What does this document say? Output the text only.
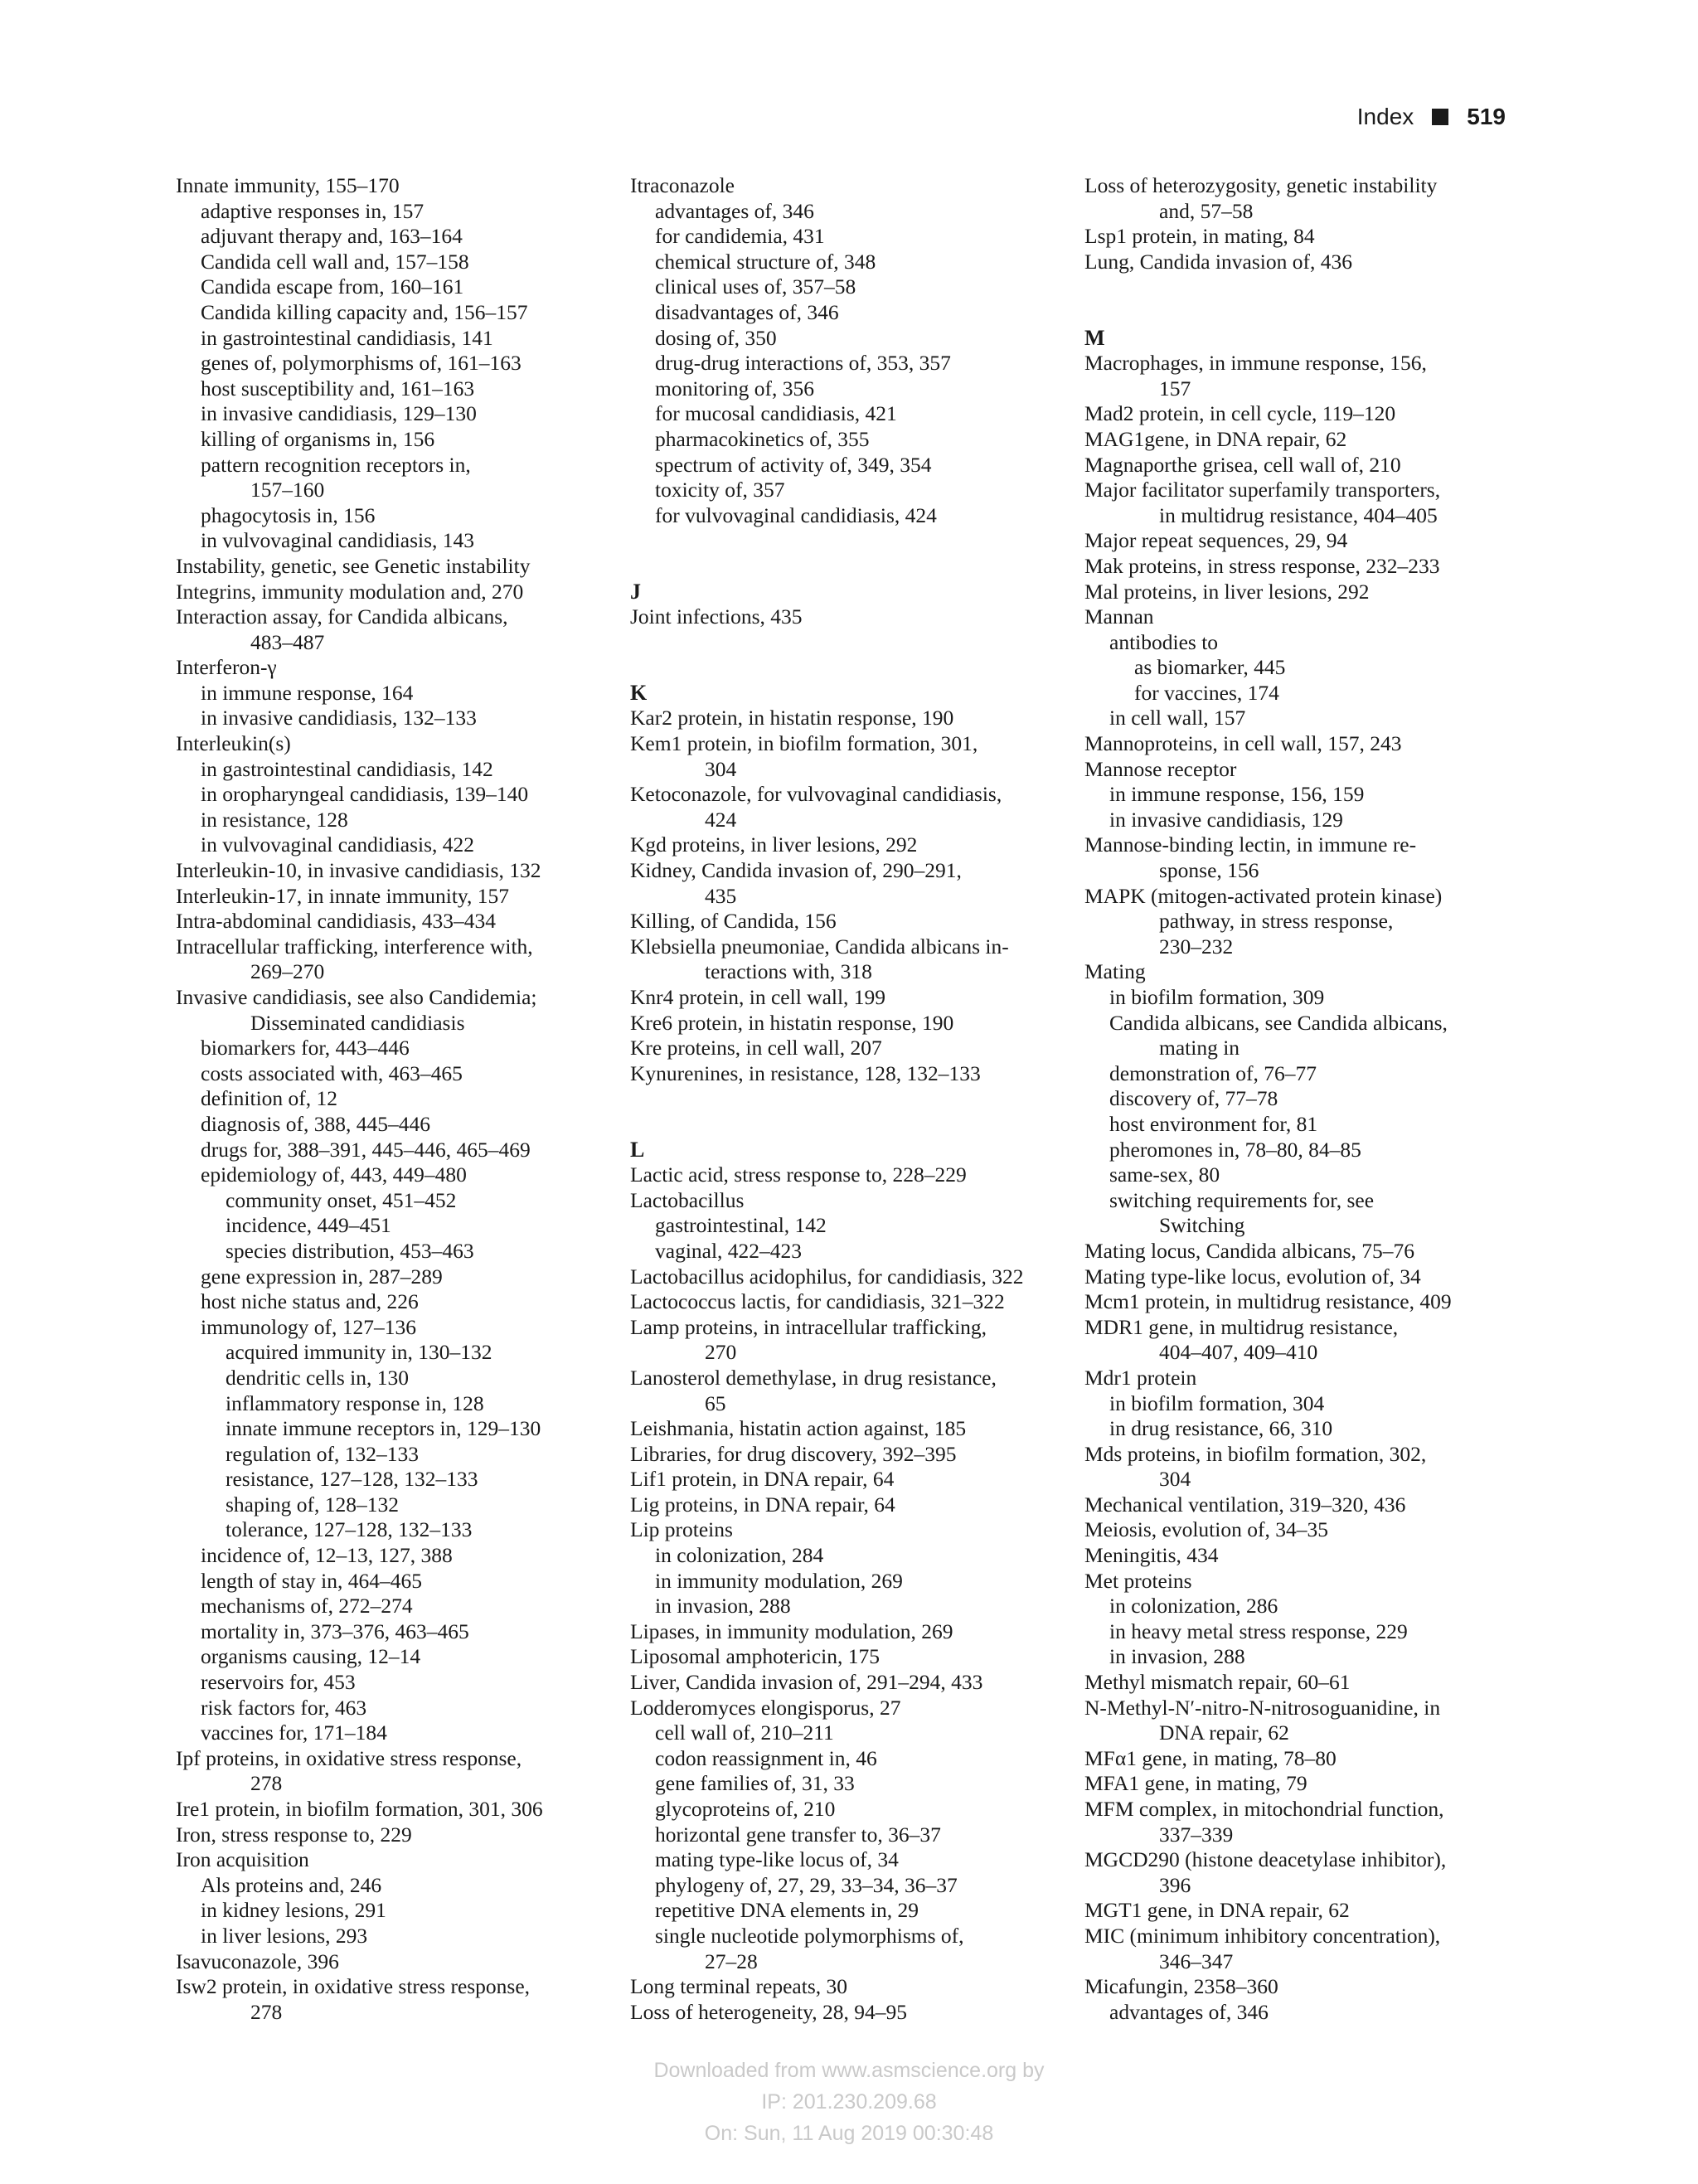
Index 519
Innate immunity, 155–170
adaptive responses in, 157
adjuvant therapy and, 163–164
Candida cell wall and, 157–158
Candida escape from, 160–161
Candida killing capacity and, 156–157
in gastrointestinal candidiasis, 141
genes of, polymorphisms of, 161–163
host susceptibility and, 161–163
in invasive candidiasis, 129–130
killing of organisms in, 156
pattern recognition receptors in,
157–160
phagocytosis in, 156
in vulvovaginal candidiasis, 143
Instability, genetic, see Genetic instability
Integrins, immunity modulation and, 270
Interaction assay, for Candida albicans,
483–487
Interferon-γ
in immune response, 164
in invasive candidiasis, 132–133
Interleukin(s)
in gastrointestinal candidiasis, 142
in oropharyngeal candidiasis, 139–140
in resistance, 128
in vulvovaginal candidiasis, 422
Interleukin-10, in invasive candidiasis, 132
Interleukin-17, in innate immunity, 157
Intra-abdominal candidiasis, 433–434
Intracellular trafficking, interference with,
269–270
Invasive candidiasis, see also Candidemia;
Disseminated candidiasis
biomarkers for, 443–446
costs associated with, 463–465
definition of, 12
diagnosis of, 388, 445–446
drugs for, 388–391, 445–446, 465–469
epidemiology of, 443, 449–480
community onset, 451–452
incidence, 449–451
species distribution, 453–463
gene expression in, 287–289
host niche status and, 226
immunology of, 127–136
acquired immunity in, 130–132
dendritic cells in, 130
inflammatory response in, 128
innate immune receptors in, 129–130
regulation of, 132–133
resistance, 127–128, 132–133
shaping of, 128–132
tolerance, 127–128, 132–133
incidence of, 12–13, 127, 388
length of stay in, 464–465
mechanisms of, 272–274
mortality in, 373–376, 463–465
organisms causing, 12–14
reservoirs for, 453
risk factors for, 463
vaccines for, 171–184
Ipf proteins, in oxidative stress response,
278
Ire1 protein, in biofilm formation, 301, 306
Iron, stress response to, 229
Iron acquisition
Als proteins and, 246
in kidney lesions, 291
in liver lesions, 293
Isavuconazole, 396
Isw2 protein, in oxidative stress response,
278
Itraconazole
advantages of, 346
for candidemia, 431
chemical structure of, 348
clinical uses of, 357–58
disadvantages of, 346
dosing of, 350
drug-drug interactions of, 353, 357
monitoring of, 356
for mucosal candidiasis, 421
pharmacokinetics of, 355
spectrum of activity of, 349, 354
toxicity of, 357
for vulvovaginal candidiasis, 424
J
Joint infections, 435
K
Kar2 protein, in histatin response, 190
Kem1 protein, in biofilm formation, 301,
304
Ketoconazole, for vulvovaginal candidiasis,
424
Kgd proteins, in liver lesions, 292
Kidney, Candida invasion of, 290–291,
435
Killing, of Candida, 156
Klebsiella pneumoniae, Candida albicans in-
teractions with, 318
Knr4 protein, in cell wall, 199
Kre6 protein, in histatin response, 190
Kre proteins, in cell wall, 207
Kynurenines, in resistance, 128, 132–133
L
Lactic acid, stress response to, 228–229
Lactobacillus
gastrointestinal, 142
vaginal, 422–423
Lactobacillus acidophilus, for candidiasis, 322
Lactococcus lactis, for candidiasis, 321–322
Lamp proteins, in intracellular trafficking,
270
Lanosterol demethylase, in drug resistance,
65
Leishmania, histatin action against, 185
Libraries, for drug discovery, 392–395
Lif1 protein, in DNA repair, 64
Lig proteins, in DNA repair, 64
Lip proteins
in colonization, 284
in immunity modulation, 269
in invasion, 288
Lipases, in immunity modulation, 269
Liposomal amphotericin, 175
Liver, Candida invasion of, 291–294, 433
Lodderomyces elongisporus, 27
cell wall of, 210–211
codon reassignment in, 46
gene families of, 31, 33
glycoproteins of, 210
horizontal gene transfer to, 36–37
mating type-like locus of, 34
phylogeny of, 27, 29, 33–34, 36–37
repetitive DNA elements in, 29
single nucleotide polymorphisms of,
27–28
Long terminal repeats, 30
Loss of heterogeneity, 28, 94–95
Loss of heterozygosity, genetic instability
and, 57–58
Lsp1 protein, in mating, 84
Lung, Candida invasion of, 436
M
Macrophages, in immune response, 156,
157
Mad2 protein, in cell cycle, 119–120
MAG1gene, in DNA repair, 62
Magnaporthe grisea, cell wall of, 210
Major facilitator superfamily transporters,
in multidrug resistance, 404–405
Major repeat sequences, 29, 94
Mak proteins, in stress response, 232–233
Mal proteins, in liver lesions, 292
Mannan
antibodies to
as biomarker, 445
for vaccines, 174
in cell wall, 157
Mannoproteins, in cell wall, 157, 243
Mannose receptor
in immune response, 156, 159
in invasive candidiasis, 129
Mannose-binding lectin, in immune re-
sponse, 156
MAPK (mitogen-activated protein kinase)
pathway, in stress response,
230–232
Mating
in biofilm formation, 309
Candida albicans, see Candida albicans,
mating in
demonstration of, 76–77
discovery of, 77–78
host environment for, 81
pheromones in, 78–80, 84–85
same-sex, 80
switching requirements for, see
Switching
Mating locus, Candida albicans, 75–76
Mating type-like locus, evolution of, 34
Mcm1 protein, in multidrug resistance, 409
MDR1 gene, in multidrug resistance,
404–407, 409–410
Mdr1 protein
in biofilm formation, 304
in drug resistance, 66, 310
Mds proteins, in biofilm formation, 302,
304
Mechanical ventilation, 319–320, 436
Meiosis, evolution of, 34–35
Meningitis, 434
Met proteins
in colonization, 286
in heavy metal stress response, 229
in invasion, 288
Methyl mismatch repair, 60–61
N-Methyl-N′-nitro-N-nitrosoguanidine, in
DNA repair, 62
MFα1 gene, in mating, 78–80
MFA1 gene, in mating, 79
MFM complex, in mitochondrial function,
337–339
MGCD290 (histone deacetylase inhibitor),
396
MGT1 gene, in DNA repair, 62
MIC (minimum inhibitory concentration),
346–347
Micafungin, 2358–360
advantages of, 346
Downloaded from www.asmscience.org by
IP: 201.230.209.68
On: Sun, 11 Aug 2019 00:30:48
